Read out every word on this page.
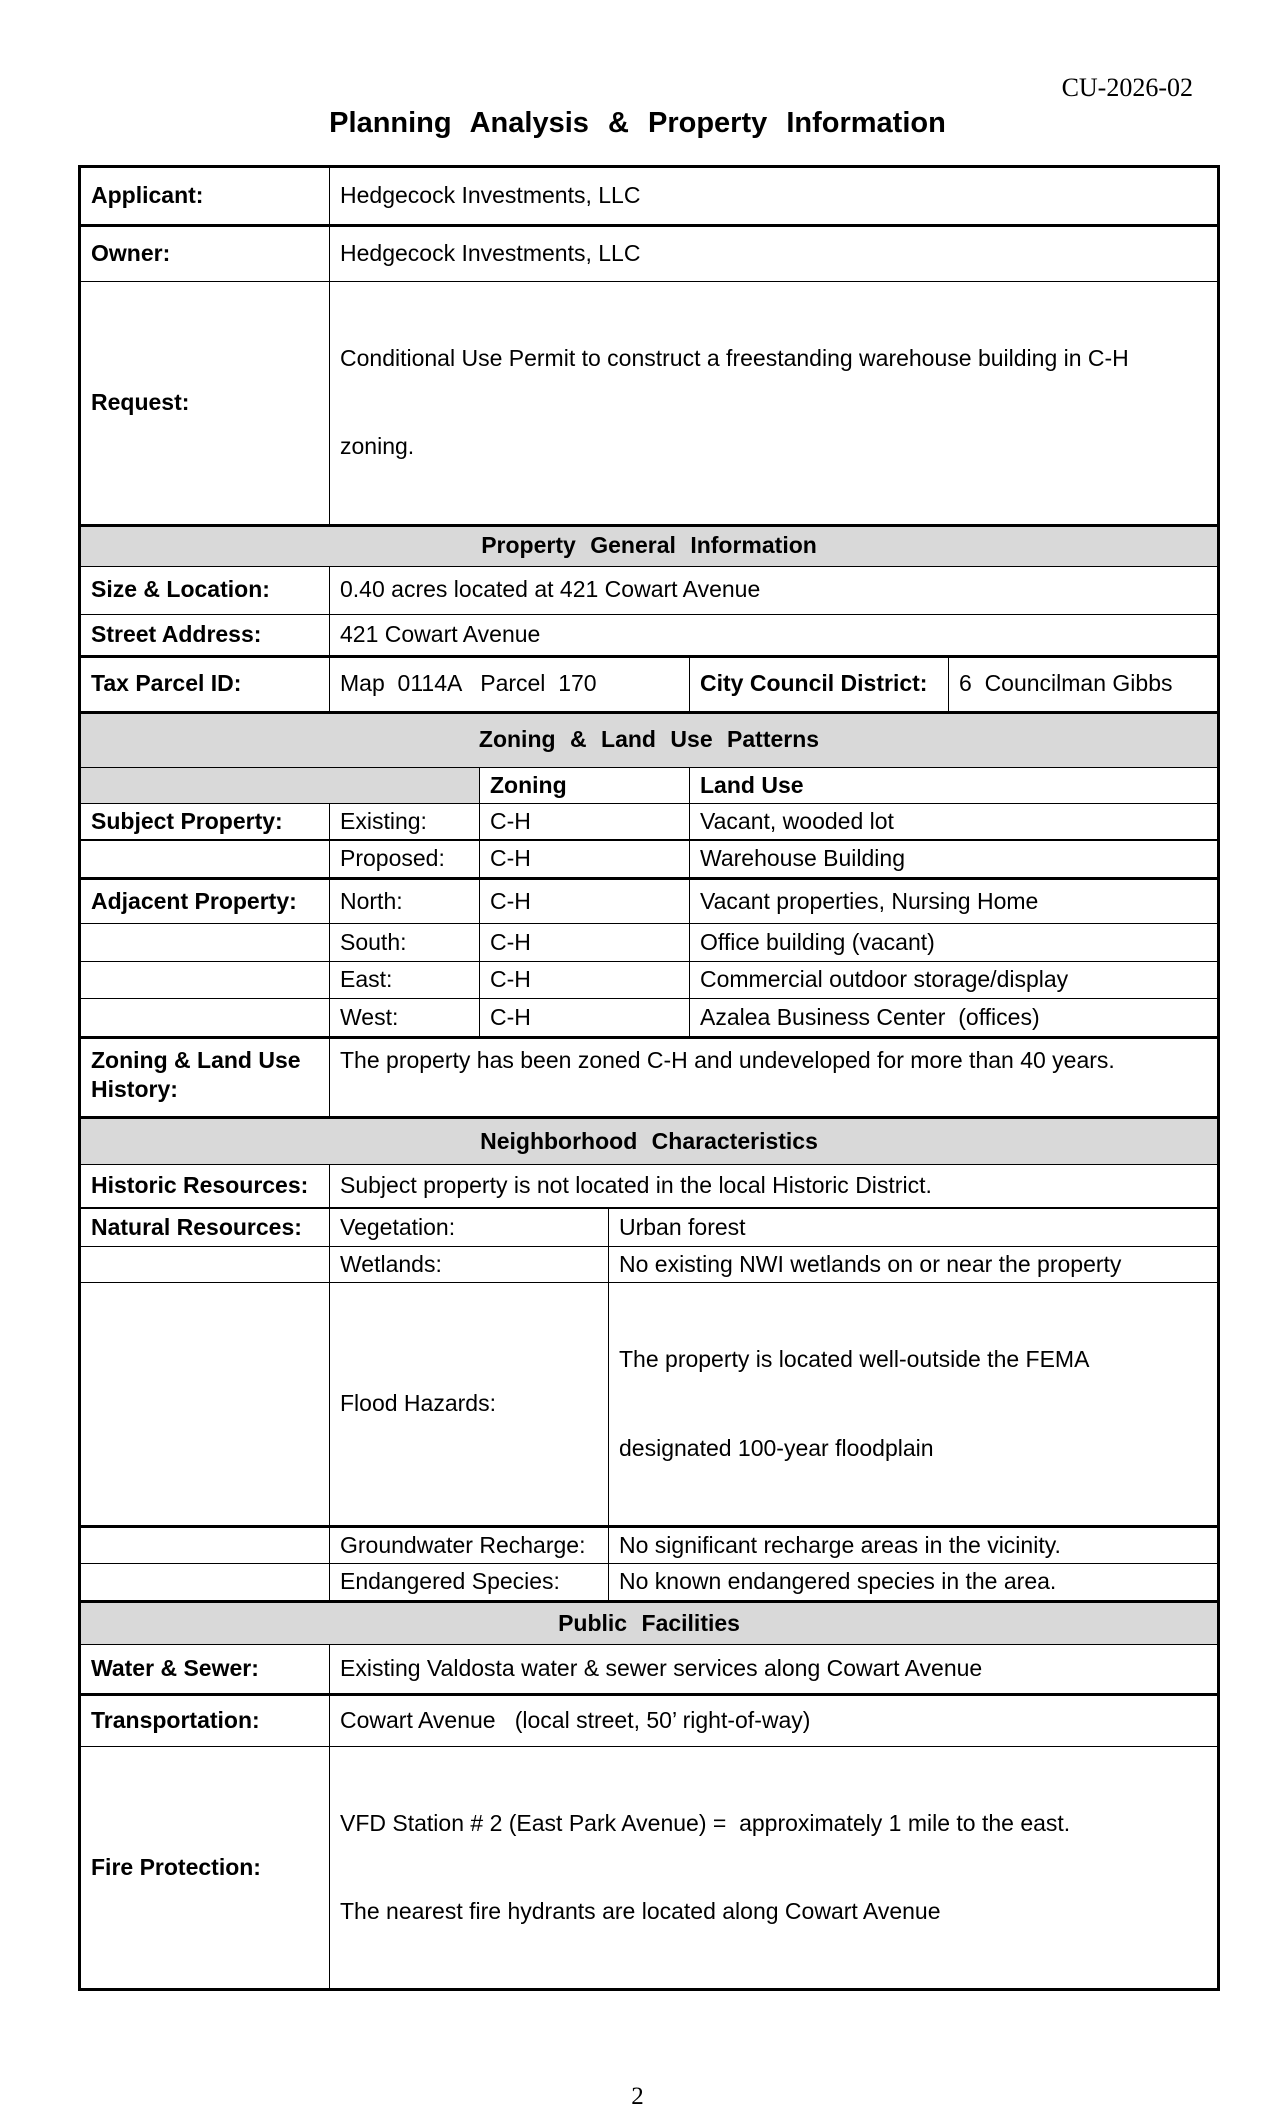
CU-2026-02
Planning Analysis & Property Information
Applicant:	Hedgecock Investments, LLC				
Owner:	Hedgecock Investments, LLC				
Request:	Conditional Use Permit to construct a freestanding warehouse building in C-H

zoning.				

Property General Information					
Size & Location:	0.40 acres located at 421 Cowart Avenue				
Street Address:	421 Cowart Avenue				
Tax Parcel ID:	Map  0114A   Parcel  170			City Council District:	6  Councilman Gibbs
Zoning & Land Use Patterns					
		Zoning		Land Use	
Subject Property:	Existing:	C-H		Vacant, wooded lot	
	Proposed:	C-H		Warehouse Building	
Adjacent Property:	North:	C-H		Vacant properties, Nursing Home	
	South:	C-H		Office building (vacant)	
	East:	C-H		Commercial outdoor storage/display	
	West:	C-H		Azalea Business Center  (offices)	
Zoning & Land Use History:	The property has been zoned C-H and undeveloped for more than 40 years.				
Neighborhood Characteristics					
Historic Resources:	Subject property is not located in the local Historic District.				
Natural Resources:	Vegetation:		Urban forest		
	Wetlands:		No existing NWI wetlands on or near the property		
	Flood Hazards:		The property is located well-outside the FEMA

designated 100-year floodplain		

	Groundwater Recharge:		No significant recharge areas in the vicinity.		
	Endangered Species:		No known endangered species in the area.		
Public Facilities					
Water & Sewer:	Existing Valdosta water & sewer services along Cowart Avenue				
Transportation:	Cowart Avenue   (local street, 50’ right-of-way)				
Fire Protection:	VFD Station # 2 (East Park Avenue) =  approximately 1 mile to the east.

The nearest fire hydrants are located along Cowart Avenue				

2
